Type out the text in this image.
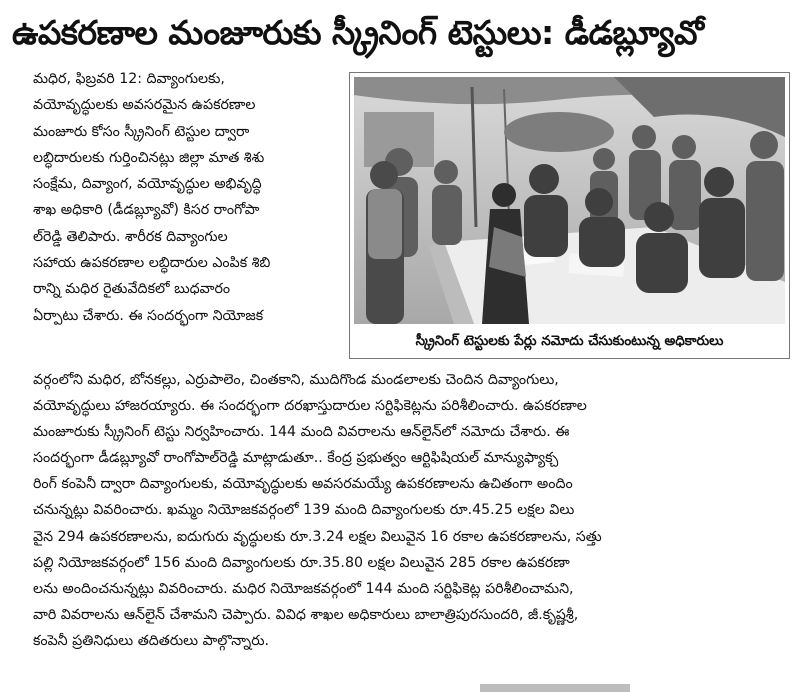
ఉపకరణాల మంజూరుకు స్క్రీనింగ్ టెస్టులు: డీడబ్ల్యూవో
మధిర, ఫిబ్రవరి 12: దివ్యాంగులకు,
వయోవృద్ధులకు అవసరమైన ఉపకరణాల
మంజూరు కోసం స్క్రీనింగ్ టెస్టుల ద్వారా
లబ్ధిదారులకు గుర్తించినట్లు జిల్లా మాత శిశు
సంక్షేమ, దివ్యాంగ, వయోవృద్ధుల అభివృద్ధి
శాఖ అధికారి (డీడబ్ల్యూవో) కిసర రాంగోపా
ల్‌రెడ్డి తెలిపారు. శారీరక దివ్యాంగుల
సహాయ ఉపకరణాల లబ్ధిదారుల ఎంపిక శిబి
రాన్ని మధిర రైతువేదికలో బుధవారం
ఏర్పాటు చేశారు. ఈ సందర్భంగా నియోజక
స్క్రీనింగ్ టెస్టులకు పేర్లు నమోదు చేసుకుంటున్న అధికారులు
వర్గంలోని మధిర, బోనకల్లు, ఎర్రుపాలెం, చింతకాని, ముదిగొండ మండలాలకు చెందిన దివ్యాంగులు,
వయోవృద్ధులు హాజరయ్యారు. ఈ సందర్భంగా దరఖాస్తుదారుల సర్టిఫికెట్లను పరిశీలించారు. ఉపకరణాల
మంజూరుకు స్క్రీనింగ్ టెస్టు నిర్వహించారు. 144 మంది వివరాలను ఆన్‌లైన్‌లో నమోదు చేశారు. ఈ
సందర్భంగా డీడబ్ల్యూవో రాంగోపాల్‌రెడ్డి మాట్లాడుతూ.. కేంద్ర ప్రభుత్వం ఆర్టిఫిషియల్ మాన్యుఫ్యాక్చ
రింగ్ కంపెనీ ద్వారా దివ్యాంగులకు, వయోవృద్ధులకు అవసరమయ్యే ఉపకరణాలను ఉచితంగా అందిం
చనున్నట్లు వివరించారు. ఖమ్మం నియోజకవర్గంలో 139 మంది దివ్యాంగులకు రూ.45.25 లక్షల విలు
వైన 294 ఉపకరణాలను, ఐదుగురు వృద్ధులకు రూ.3.24 లక్షల విలువైన 16 రకాల ఉపకరణాలను, సత్తు
పల్లి నియోజకవర్గంలో 156 మంది దివ్యాంగులకు రూ.35.80 లక్షల విలువైన 285 రకాల ఉపకరణా
లను అందించనున్నట్లు వివరించారు. మధిర నియోజకవర్గంలో 144 మంది సర్టిఫికెట్ల పరిశీలించామని,
వారి వివరాలను ఆన్‌లైన్ చేశామని చెప్పారు. వివిధ శాఖల అధికారులు బాలాత్రిపురసుందరి, జీ.కృష్ణశ్రీ,
కంపెనీ ప్రతినిధులు తదితరులు పాల్గొన్నారు.
